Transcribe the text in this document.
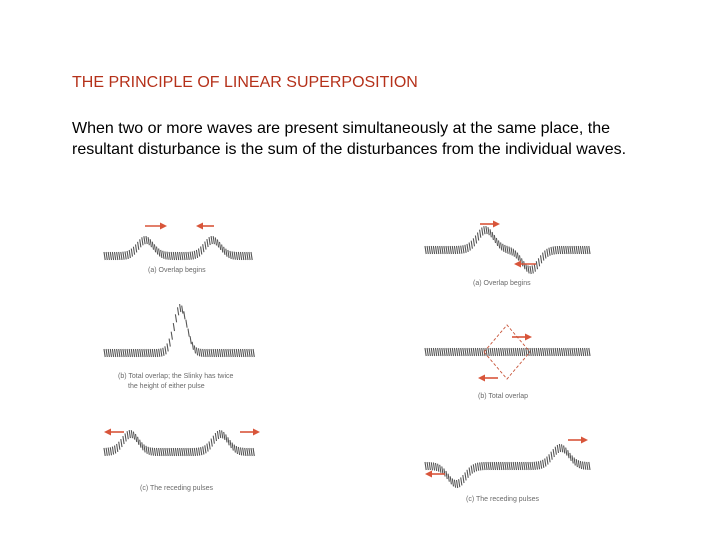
THE PRINCIPLE OF LINEAR SUPERPOSITION
When two or more waves are present simultaneously at the same place, the resultant disturbance is the sum of the disturbances from the individual waves.
(a) Overlap begins
(b) Total overlap; the Slinky has twice
the height of either pulse
(c) The receding pulses
(a) Overlap begins
(b) Total overlap
(c) The receding pulses
